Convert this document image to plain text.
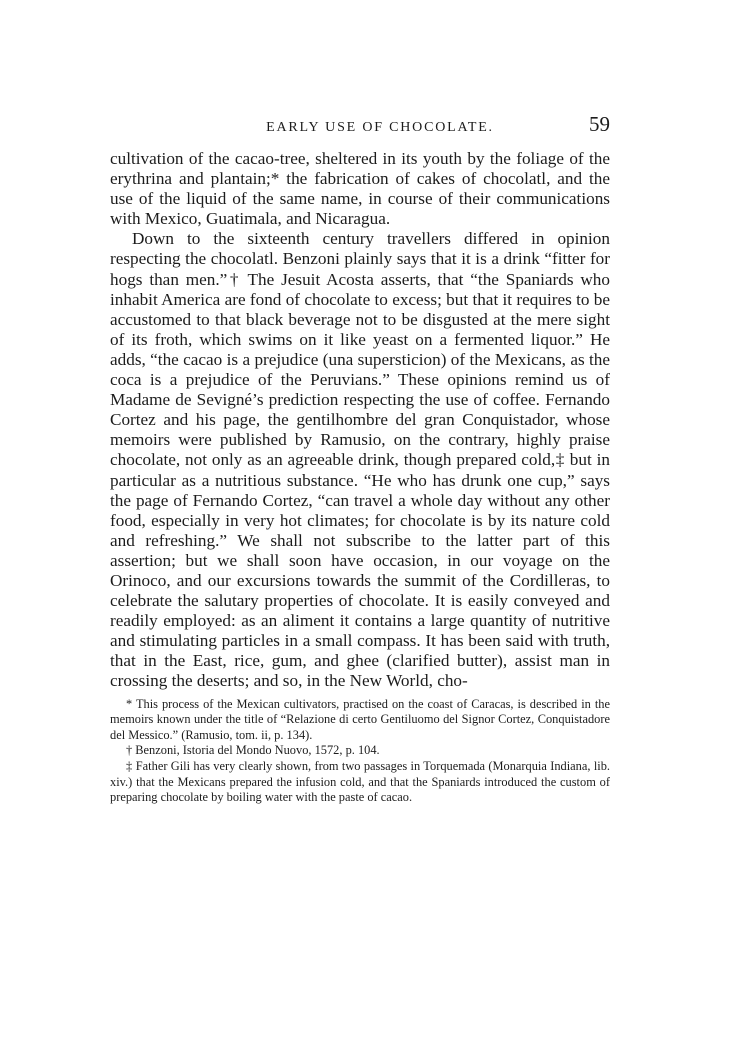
EARLY USE OF CHOCOLATE.	59

cultivation of the cacao-tree, sheltered in its youth by the foliage of the erythrina and plantain;* the fabrication of cakes of chocolatl, and the use of the liquid of the same name, in course of their communications with Mexico, Guatimala, and Nicaragua.

Down to the sixteenth century travellers differed in opinion respecting the chocolatl. Benzoni plainly says that it is a drink “fitter for hogs than men.”† The Jesuit Acosta asserts, that “the Spaniards who inhabit America are fond of chocolate to excess; but that it requires to be accustomed to that black beverage not to be disgusted at the mere sight of its froth, which swims on it like yeast on a fermented liquor.” He adds, “the cacao is a prejudice (una supersticion) of the Mexicans, as the coca is a prejudice of the Peruvians.” These opinions remind us of Madame de Sevigné’s prediction respecting the use of coffee. Fernando Cortez and his page, the gentilhombre del gran Conquistador, whose memoirs were published by Ramusio, on the contrary, highly praise chocolate, not only as an agreeable drink, though prepared cold,‡ but in particular as a nutritious substance. “He who has drunk one cup,” says the page of Fernando Cortez, “can travel a whole day without any other food, especially in very hot climates; for chocolate is by its nature cold and refreshing.” We shall not subscribe to the latter part of this assertion; but we shall soon have occasion, in our voyage on the Orinoco, and our excursions towards the summit of the Cordilleras, to celebrate the salutary properties of chocolate. It is easily conveyed and readily employed: as an aliment it contains a large quantity of nutritive and stimulating particles in a small compass. It has been said with truth, that in the East, rice, gum, and ghee (clarified butter), assist man in crossing the deserts; and so, in the New World, cho-

* This process of the Mexican cultivators, practised on the coast of Caracas, is described in the memoirs known under the title of “Relazione di certo Gentiluomo del Signor Cortez, Conquistadore del Messico.” (Ramusio, tom. ii, p. 134).

† Benzoni, Istoria del Mondo Nuovo, 1572, p. 104.

‡ Father Gili has very clearly shown, from two passages in Torquemada (Monarquia Indiana, lib. xiv.) that the Mexicans prepared the infusion cold, and that the Spaniards introduced the custom of preparing chocolate by boiling water with the paste of cacao.
